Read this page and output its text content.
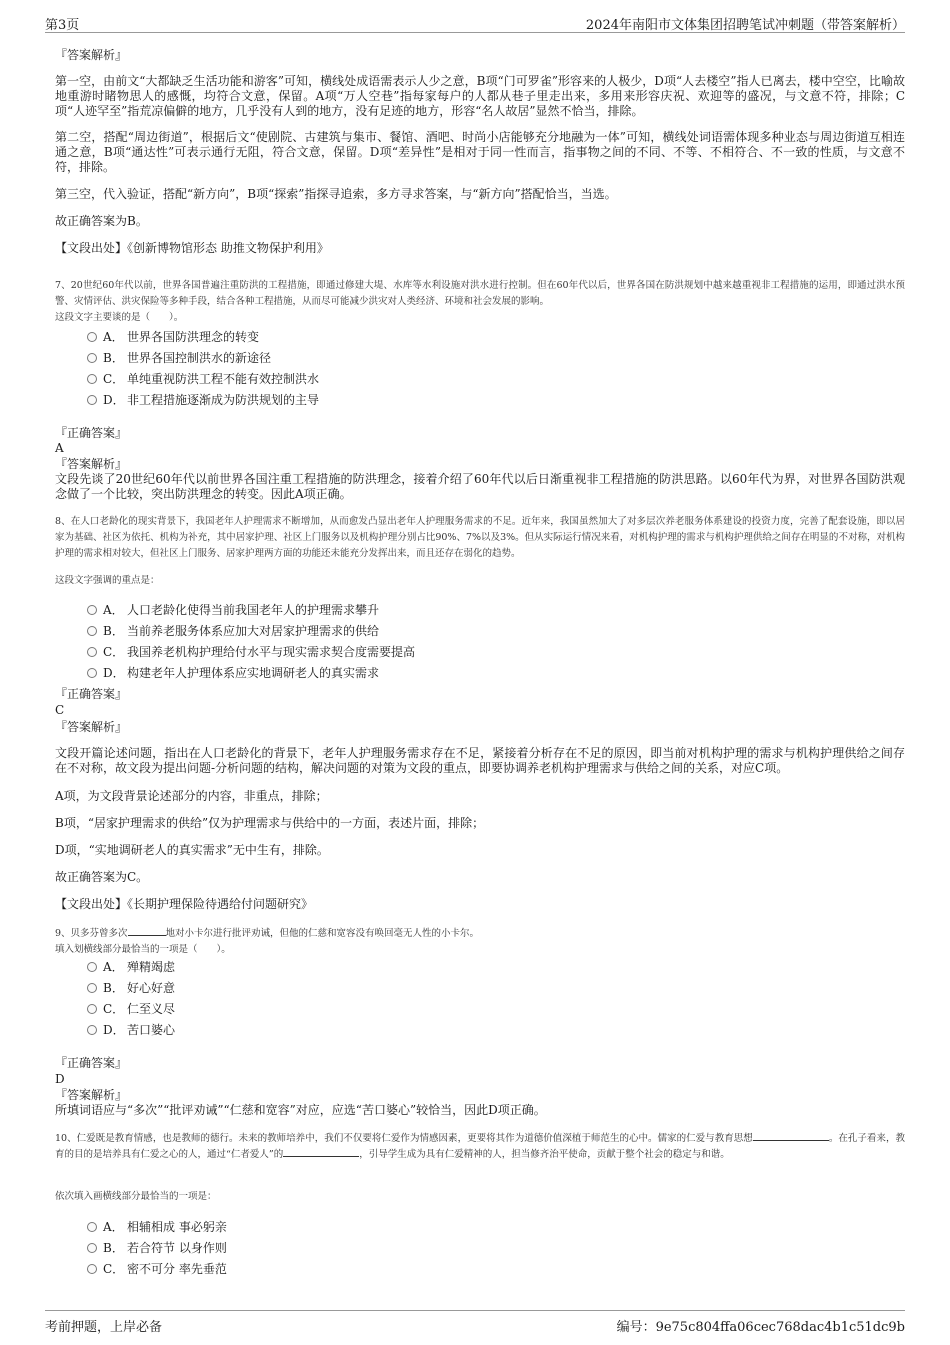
第3页	2024年南阳市文体集团招聘笔试冲刺题（带答案解析）
『答案解析』
第一空，由前文“大都缺乏生活功能和游客”可知，横线处成语需表示人少之意，B项“门可罗雀”形容来的人极少，D项“人去楼空”指人已离去，楼中空空，比喻故地重游时睹物思人的感慨，均符合文意，保留。A项“万人空巷”指每家每户的人都从巷子里走出来，多用来形容庆祝、欢迎等的盛况，与文意不符，排除；C项“人迹罕至”指荒凉偏僻的地方，几乎没有人到的地方，没有足迹的地方，形容“名人故居”显然不恰当，排除。
第二空，搭配“周边街道”，根据后文“使剧院、古建筑与集市、餐馆、酒吧、时尚小店能够充分地融为一体”可知，横线处词语需体现多种业态与周边街道互相连通之意，B项“通达性”可表示通行无阻，符合文意，保留。D项“差异性”是相对于同一性而言，指事物之间的不同、不等、不相符合、不一致的性质，与文意不符，排除。
第三空，代入验证，搭配“新方向”，B项“探索”指探寻追索，多方寻求答案，与“新方向”搭配恰当，当选。
故正确答案为B。
【文段出处】《创新博物馆形态 助推文物保护利用》
7、20世纪60年代以前，世界各国普遍注重防洪的工程措施，即通过修建大堤、水库等水利设施对洪水进行控制。但在60年代以后，世界各国在防洪规划中越来越重视非工程措施的运用，即通过洪水预警、灾情评估、洪灾保险等多种手段，结合各种工程措施，从而尽可能减少洪灾对人类经济、环境和社会发展的影响。
这段文字主要谈的是（　　）。
A． 世界各国防洪理念的转变
B． 世界各国控制洪水的新途径
C． 单纯重视防洪工程不能有效控制洪水
D． 非工程措施逐渐成为防洪规划的主导
『正确答案』
A
『答案解析』
文段先谈了20世纪60年代以前世界各国注重工程措施的防洪理念，接着介绍了60年代以后日渐重视非工程措施的防洪思路。以60年代为界，对世界各国防洪观念做了一个比较，突出防洪理念的转变。因此A项正确。
8、在人口老龄化的现实背景下，我国老年人护理需求不断增加，从而愈发凸显出老年人护理服务需求的不足。近年来，我国虽然加大了对多层次养老服务体系建设的投资力度，完善了配套设施，即以居家为基础、社区为依托、机构为补充，其中居家护理、社区上门服务以及机构护理分别占比90%、7%以及3%。但从实际运行情况来看，对机构护理的需求与机构护理供给之间存在明显的不对称，对机构护理的需求相对较大，但社区上门服务、居家护理两方面的功能还未能充分发挥出来，而且还存在弱化的趋势。
这段文字强调的重点是：
A． 人口老龄化使得当前我国老年人的护理需求攀升
B． 当前养老服务体系应加大对居家护理需求的供给
C． 我国养老机构护理给付水平与现实需求契合度需要提高
D． 构建老年人护理体系应实地调研老人的真实需求
『正确答案』
C
『答案解析』
文段开篇论述问题，指出在人口老龄化的背景下，老年人护理服务需求存在不足，紧接着分析存在不足的原因，即当前对机构护理的需求与机构护理供给之间存在不对称，故文段为提出问题-分析问题的结构，解决问题的对策为文段的重点，即要协调养老机构护理需求与供给之间的关系，对应C项。
A项，为文段背景论述部分的内容，非重点，排除；
B项，“居家护理需求的供给”仅为护理需求与供给中的一方面，表述片面，排除；
D项，“实地调研老人的真实需求”无中生有，排除。
故正确答案为C。
【文段出处】《长期护理保险待遇给付问题研究》
9、贝多芬曾多次	地对小卡尔进行批评劝诫，但他的仁慈和宽容没有唤回毫无人性的小卡尔。
填入划横线部分最恰当的一项是（　　）。
A． 殚精竭虑
B． 好心好意
C． 仁至义尽
D． 苦口婆心
『正确答案』
D
『答案解析』
所填词语应与“多次”“批评劝诫”“仁慈和宽容”对应，应选“苦口婆心”较恰当，因此D项正确。
10、仁爱既是教育情感，也是教师的德行。未来的教师培养中，我们不仅要将仁爱作为情感因素，更要将其作为道德价值深植于师范生的心中。儒家的仁爱与教育思想	。在孔子看来，教育的目的是培养具有仁爱之心的人，通过“仁者爱人”的	，引导学生成为具有仁爱精神的人，担当修齐治平使命，贡献于整个社会的稳定与和谐。
依次填入画横线部分最恰当的一项是：
A． 相辅相成 事必躬亲
B． 若合符节 以身作则
C． 密不可分 率先垂范
考前押题，上岸必备	编号：9e75c804ffa06cec768dac4b1c51dc9b
